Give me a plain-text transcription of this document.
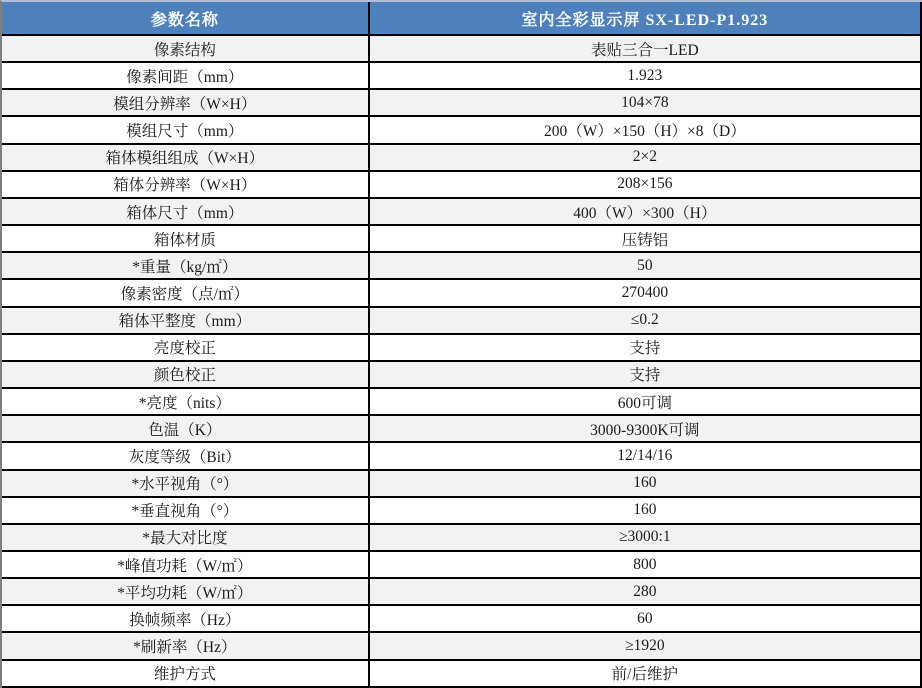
参数名称	室内全彩显示屏 SX-LED-P1.923
像素结构	表贴三合一LED
像素间距（mm）	1.923
模组分辨率（W×H）	104×78
模组尺寸（mm）	200（W）×150（H）×8（D）
箱体模组组成（W×H）	2×2
箱体分辨率（W×H）	208×156
箱体尺寸（mm）	400（W）×300（H）
箱体材质	压铸铝
*重量（kg/㎡）	50
像素密度（点/㎡）	270400
箱体平整度（mm）	≤0.2
亮度校正	支持
颜色校正	支持
*亮度（nits）	600可调
色温（K）	3000-9300K可调
灰度等级（Bit）	12/14/16
*水平视角（°）	160
*垂直视角（°）	160
*最大对比度	≥3000:1
*峰值功耗（W/㎡）	800
*平均功耗（W/㎡）	280
换帧频率（Hz）	60
*刷新率（Hz）	≥1920
维护方式	前/后维护
